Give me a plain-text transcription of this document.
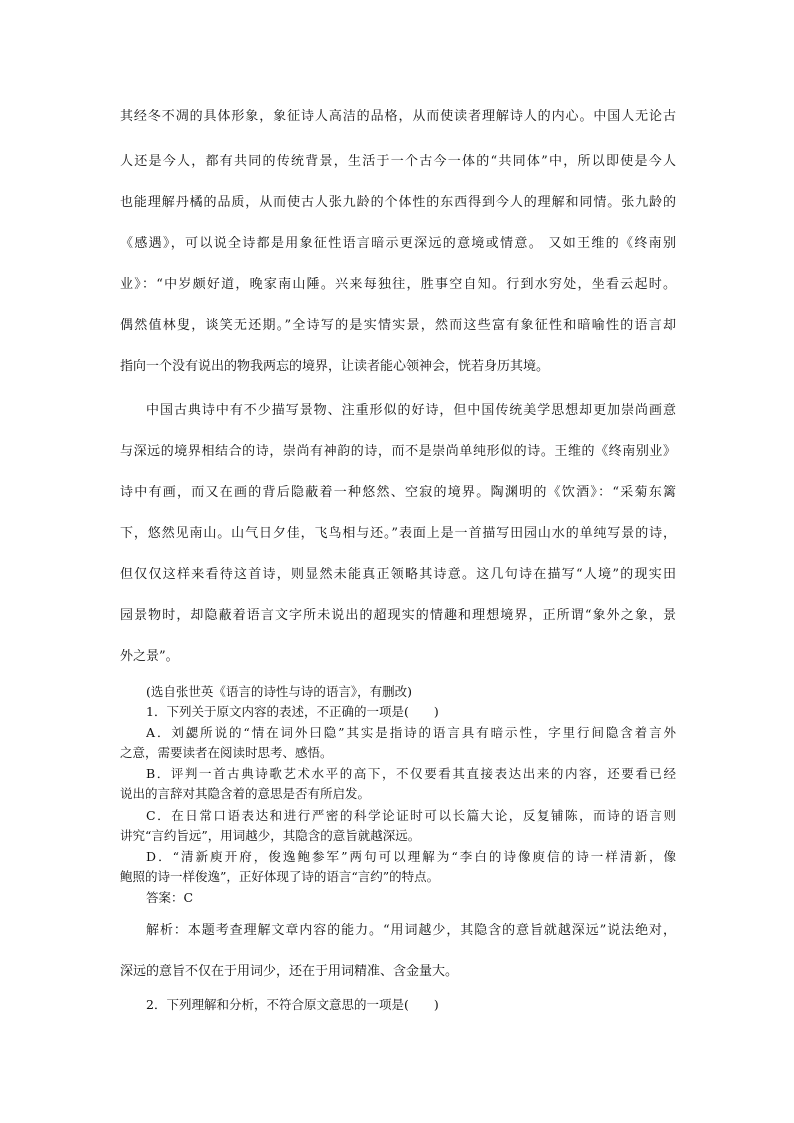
其经冬不凋的具体形象，象征诗人高洁的品格，从而使读者理解诗人的内心。中国人无论古
人还是今人，都有共同的传统背景，生活于一个古今一体的“共同体”中，所以即使是今人
也能理解丹橘的品质，从而使古人张九龄的个体性的东西得到今人的理解和同情。张九龄的
《感遇》，可以说全诗都是用象征性语言暗示更深远的意境或情意。 又如王维的《终南别
业》：“中岁颇好道，晚家南山陲。兴来每独往，胜事空自知。行到水穷处，坐看云起时。
偶然值林叟，谈笑无还期。”全诗写的是实情实景，然而这些富有象征性和暗喻性的语言却
指向一个没有说出的物我两忘的境界，让读者能心领神会，恍若身历其境。
中国古典诗中有不少描写景物、注重形似的好诗，但中国传统美学思想却更加崇尚画意
与深远的境界相结合的诗，崇尚有神韵的诗，而不是崇尚单纯形似的诗。王维的《终南别业》
诗中有画，而又在画的背后隐蔽着一种悠然、空寂的境界。陶渊明的《饮酒》：“采菊东篱
下，悠然见南山。山气日夕佳，飞鸟相与还。”表面上是一首描写田园山水的单纯写景的诗，
但仅仅这样来看待这首诗，则显然未能真正领略其诗意。这几句诗在描写“人境”的现实田
园景物时，却隐蔽着语言文字所未说出的超现实的情趣和理想境界，正所谓“象外之象，景
外之景”。
(选自张世英《语言的诗性与诗的语言》，有删改)
1．下列关于原文内容的表述，不正确的一项是(　　)
A．刘勰所说的“情在词外曰隐”其实是指诗的语言具有暗示性，字里行间隐含着言外
之意，需要读者在阅读时思考、感悟。
B．评判一首古典诗歌艺术水平的高下，不仅要看其直接表达出来的内容，还要看已经
说出的言辞对其隐含着的意思是否有所启发。
C．在日常口语表达和进行严密的科学论证时可以长篇大论，反复铺陈，而诗的语言则
讲究“言约旨远”，用词越少，其隐含的意旨就越深远。
D．“清新庾开府，俊逸鲍参军”两句可以理解为“李白的诗像庾信的诗一样清新，像
鲍照的诗一样俊逸”，正好体现了诗的语言“言约”的特点。
答案：C
解析：本题考查理解文章内容的能力。“用词越少，其隐含的意旨就越深远”说法绝对，
深远的意旨不仅在于用词少，还在于用词精准、含金量大。
2．下列理解和分析，不符合原文意思的一项是(　　)
